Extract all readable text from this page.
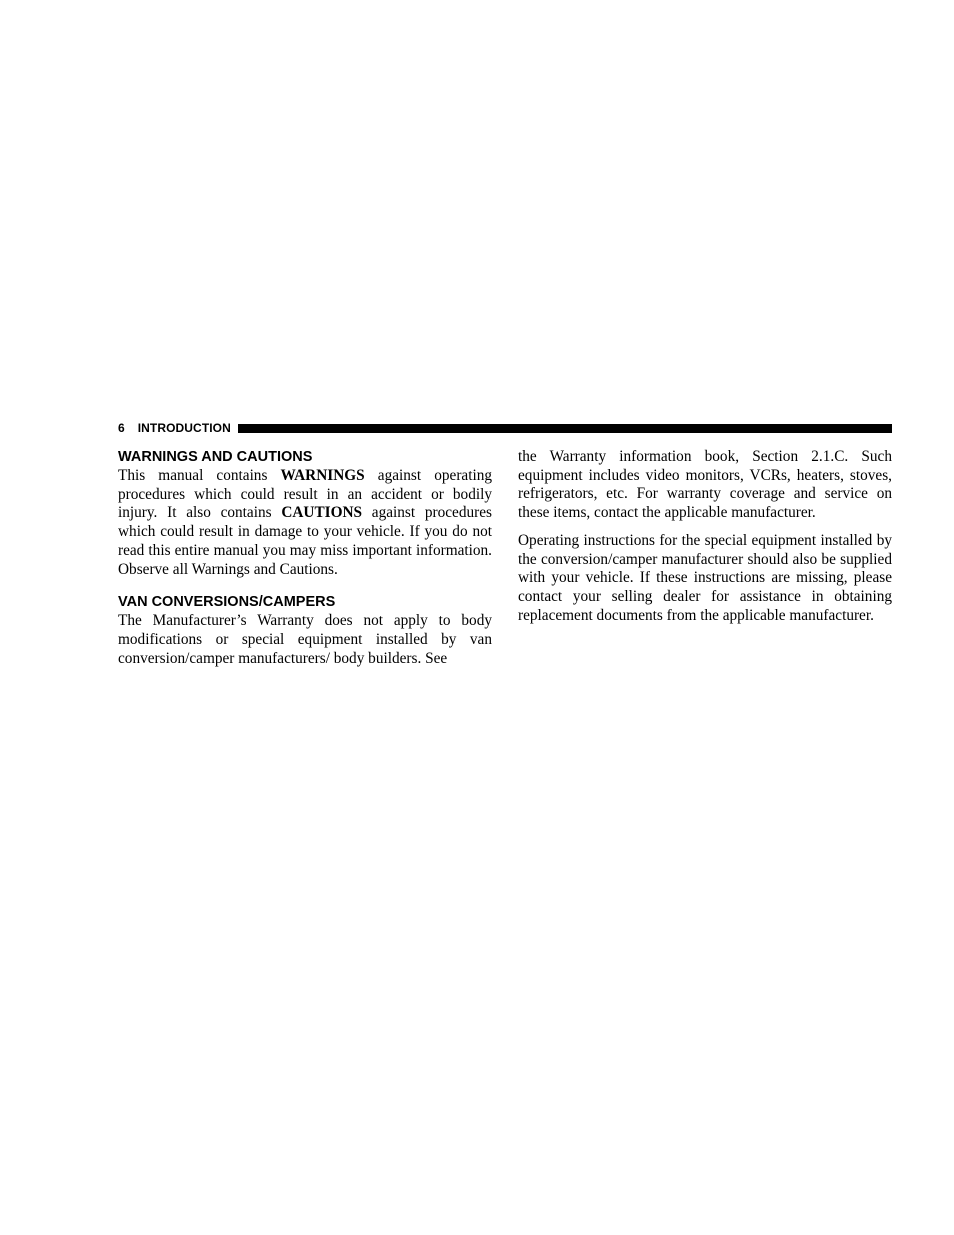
6 INTRODUCTION
WARNINGS AND CAUTIONS

This manual contains WARNINGS against operating procedures which could result in an accident or bodily injury. It also contains CAUTIONS against procedures which could result in damage to your vehicle. If you do not read this entire manual you may miss important information. Observe all Warnings and Cautions.

VAN CONVERSIONS/CAMPERS

The Manufacturer’s Warranty does not apply to body modifications or special equipment installed by van conversion/camper manufacturers/ body builders. See

the Warranty information book, Section 2.1.C. Such equipment includes video monitors, VCRs, heaters, stoves, refrigerators, etc. For warranty coverage and service on these items, contact the applicable manufacturer.

Operating instructions for the special equipment installed by the conversion/camper manufacturer should also be supplied with your vehicle. If these instructions are missing, please contact your selling dealer for assistance in obtaining replacement documents from the applicable manufacturer.
